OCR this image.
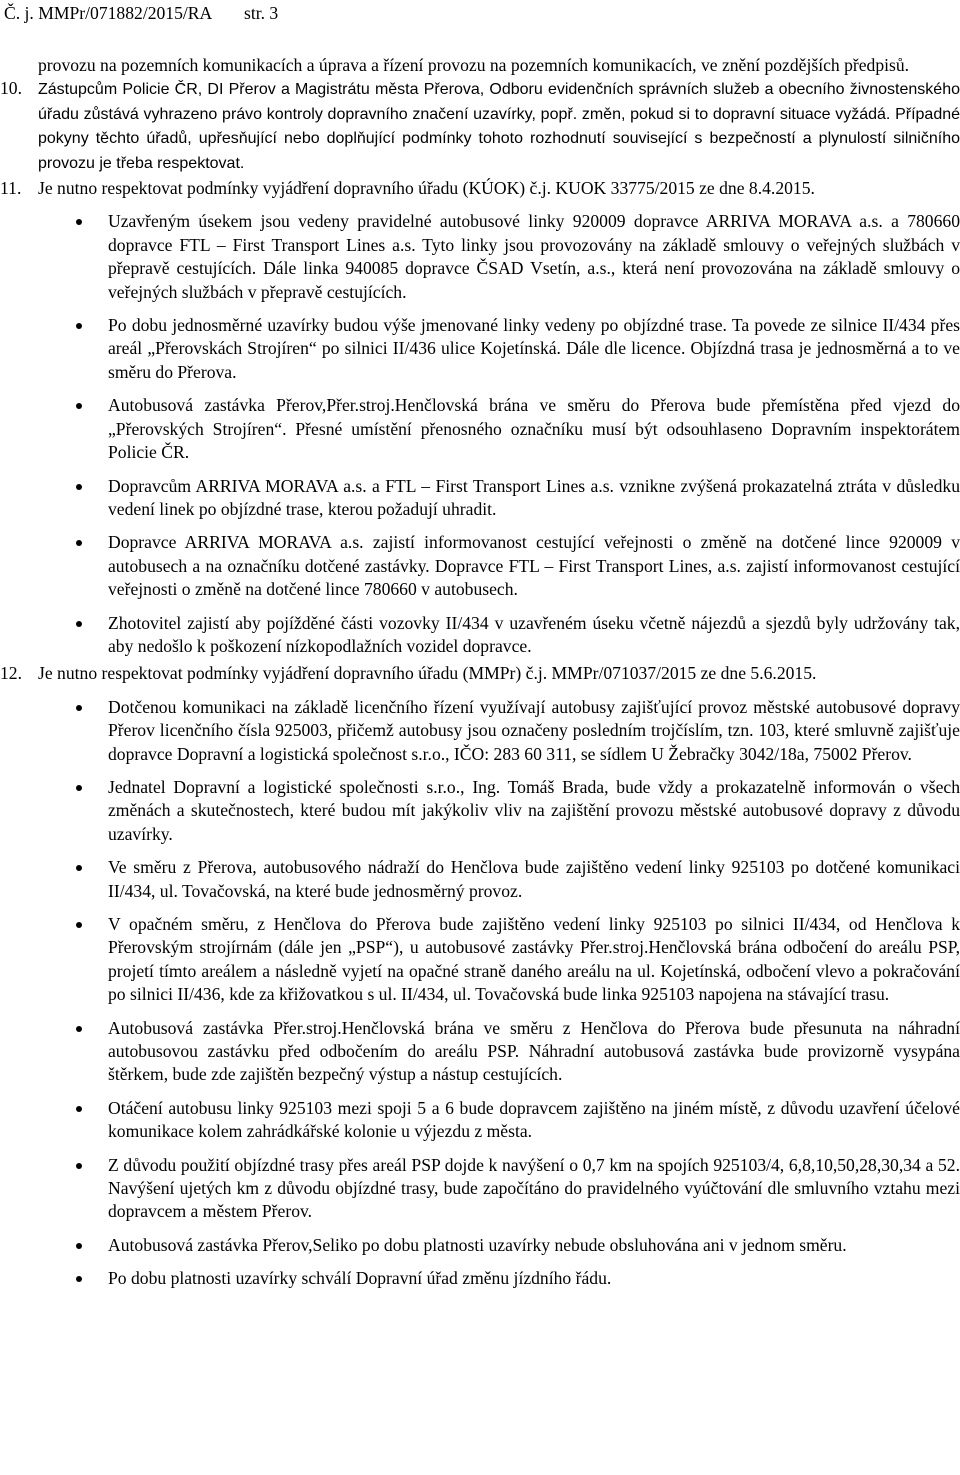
Č. j. MMPr/071882/2015/RA str. 3

provozu na pozemních komunikacích a úprava a řízení provozu na pozemních komunikacích, ve znění pozdějších předpisů.

10. Zástupcům Policie ČR, DI Přerov a Magistrátu města Přerova, Odboru evidenčních správních služeb a obecního živnostenského úřadu zůstává vyhrazeno právo kontroly dopravního značení uzavírky, popř. změn, pokud si to dopravní situace vyžádá. Případné pokyny těchto úřadů, upřesňující nebo doplňující podmínky tohoto rozhodnutí související s bezpečností a plynulostí silničního provozu je třeba respektovat.
11. Je nutno respektovat podmínky vyjádření dopravního úřadu (KÚOK) č.j. KUOK 33775/2015 ze dne 8.4.2015.
Uzavřeným úsekem jsou vedeny pravidelné autobusové linky 920009 dopravce ARRIVA MORAVA a.s. a 780660 dopravce FTL – First Transport Lines a.s. Tyto linky jsou provozovány na základě smlouvy o veřejných službách v přepravě cestujících. Dále linka 940085 dopravce ČSAD Vsetín, a.s., která není provozována na základě smlouvy o veřejných službách v přepravě cestujících.
Po dobu jednosměrné uzavírky budou výše jmenované linky vedeny po objízdné trase. Ta povede ze silnice II/434 přes areál „Přerovskách Strojíren“ po silnici II/436 ulice Kojetínská. Dále dle licence. Objízdná trasa je jednosměrná a to ve směru do Přerova.
Autobusová zastávka Přerov,Přer.stroj.Henčlovská brána ve směru do Přerova bude přemístěna před vjezd do „Přerovských Strojíren“. Přesné umístění přenosného označníku musí být odsouhlaseno Dopravním inspektorátem Policie ČR.
Dopravcům ARRIVA MORAVA a.s. a FTL – First Transport Lines a.s. vznikne zvýšená prokazatelná ztráta v důsledku vedení linek po objízdné trase, kterou požadují uhradit.
Dopravce ARRIVA MORAVA a.s. zajistí informovanost cestující veřejnosti o změně na dotčené lince 920009 v autobusech a na označníku dotčené zastávky. Dopravce FTL – First Transport Lines, a.s. zajistí informovanost cestující veřejnosti o změně na dotčené lince 780660 v autobusech.
Zhotovitel zajistí aby pojížděné části vozovky II/434 v uzavřeném úseku včetně nájezdů a sjezdů byly udržovány tak, aby nedošlo k poškození nízkopodlažních vozidel dopravce.
12. Je nutno respektovat podmínky vyjádření dopravního úřadu (MMPr) č.j. MMPr/071037/2015 ze dne 5.6.2015.
Dotčenou komunikaci na základě licenčního řízení využívají autobusy zajišťující provoz městské autobusové dopravy Přerov licenčního čísla 925003, přičemž autobusy jsou označeny posledním trojčíslím, tzn. 103, které smluvně zajišťuje dopravce Dopravní a logistická společnost s.r.o., IČO: 283 60 311, se sídlem U Žebračky 3042/18a, 75002 Přerov.
Jednatel Dopravní a logistické společnosti s.r.o., Ing. Tomáš Brada, bude vždy a prokazatelně informován o všech změnách a skutečnostech, které budou mít jakýkoliv vliv na zajištění provozu městské autobusové dopravy z důvodu uzavírky.
Ve směru z Přerova, autobusového nádraží do Henčlova bude zajištěno vedení linky 925103 po dotčené komunikaci II/434, ul. Tovačovská, na které bude jednosměrný provoz.
V opačném směru, z Henčlova do Přerova bude zajištěno vedení linky 925103 po silnici II/434, od Henčlova k Přerovským strojírnám (dále jen „PSP“), u autobusové zastávky Přer.stroj.Henčlovská brána odbočení do areálu PSP, projetí tímto areálem a následně vyjetí na opačné straně daného areálu na ul. Kojetínská, odbočení vlevo a pokračování po silnici II/436, kde za křižovatkou s ul. II/434, ul. Tovačovská bude linka 925103 napojena na stávající trasu.
Autobusová zastávka Přer.stroj.Henčlovská brána ve směru z Henčlova do Přerova bude přesunuta na náhradní autobusovou zastávku před odbočením do areálu PSP. Náhradní autobusová zastávka bude provizorně vysypána štěrkem, bude zde zajištěn bezpečný výstup a nástup cestujících.
Otáčení autobusu linky 925103 mezi spoji 5 a 6 bude dopravcem zajištěno na jiném místě, z důvodu uzavření účelové komunikace kolem zahrádkářské kolonie u výjezdu z města.
Z důvodu použití objízdné trasy přes areál PSP dojde k navýšení o 0,7 km na spojích 925103/4, 6,8,10,50,28,30,34 a 52. Navýšení ujetých km z důvodu objízdné trasy, bude započítáno do pravidelného vyúčtování dle smluvního vztahu mezi dopravcem a městem Přerov.
Autobusová zastávka Přerov,Seliko po dobu platnosti uzavírky nebude obsluhována ani v jednom směru.
Po dobu platnosti uzavírky schválí Dopravní úřad změnu jízdního řádu.
